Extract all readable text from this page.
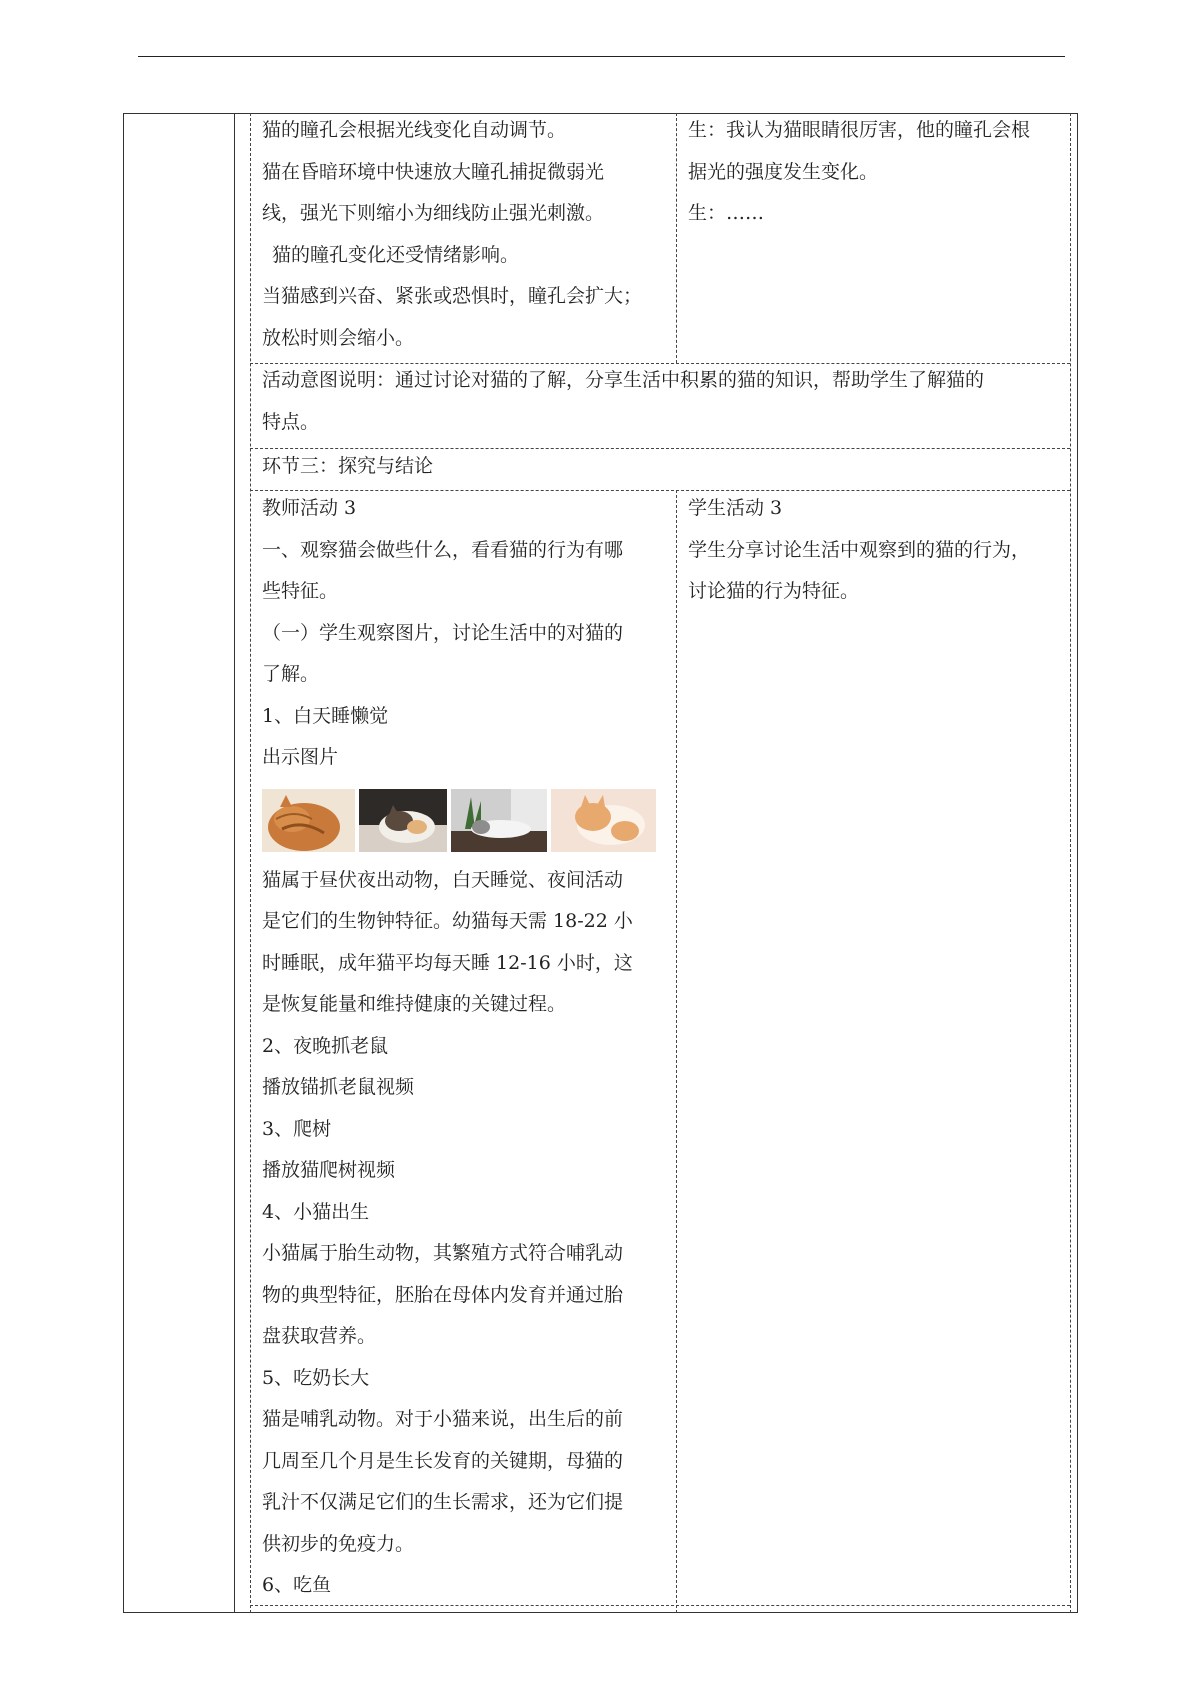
猫的瞳孔会根据光线变化自动调节。

猫在昏暗环境中快速放大瞳孔捕捉微弱光

线，强光下则缩小为细线防止强光刺激。

猫的瞳孔变化还受情绪影响。

当猫感到兴奋、紧张或恐惧时，瞳孔会扩大；

放松时则会缩小。

生：我认为猫眼睛很厉害，他的瞳孔会根

据光的强度发生变化。

生：……

活动意图说明：通过讨论对猫的了解，分享生活中积累的猫的知识，帮助学生了解猫的

特点。

环节三：探究与结论

教师活动 3

一、观察猫会做些什么，看看猫的行为有哪

些特征。

（一）学生观察图片，讨论生活中的对猫的

了解。

1、白天睡懒觉

出示图片

猫属于昼伏夜出动物，白天睡觉、夜间活动

是它们的生物钟特征。幼猫每天需 18-22 小

时睡眠，成年猫平均每天睡 12-16 小时，这

是恢复能量和维持健康的关键过程。

2、夜晚抓老鼠

播放锚抓老鼠视频

3、爬树

播放猫爬树视频

4、小猫出生

小猫属于胎生动物，其繁殖方式符合哺乳动

物的典型特征，胚胎在母体内发育并通过胎

盘获取营养。

5、吃奶长大

猫是哺乳动物。对于小猫来说，出生后的前

几周至几个月是生长发育的关键期，母猫的

乳汁不仅满足它们的生长需求，还为它们提

供初步的免疫力。

6、吃鱼

学生活动 3

学生分享讨论生活中观察到的猫的行为，

讨论猫的行为特征。
